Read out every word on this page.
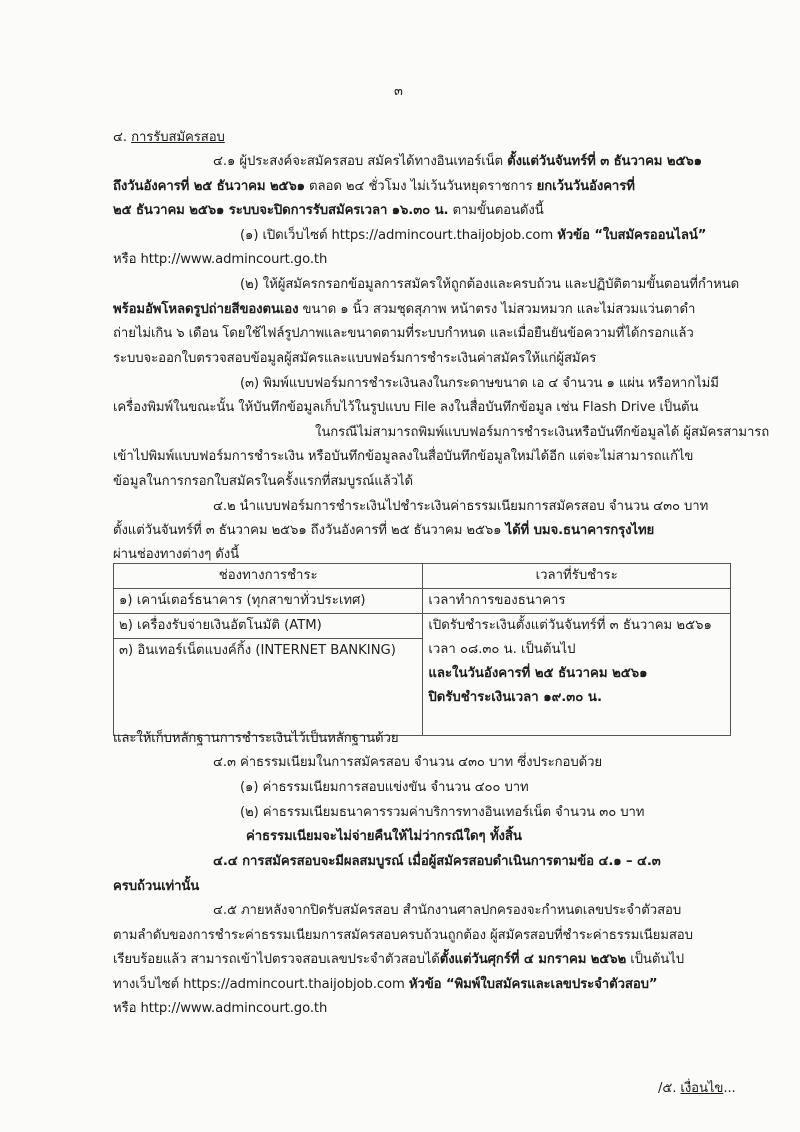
๓
๔. การรับสมัครสอบ
๔.๑ ผู้ประสงค์จะสมัครสอบ สมัครได้ทางอินเทอร์เน็ต ตั้งแต่วันจันทร์ที่ ๓ ธันวาคม ๒๕๖๑
ถึงวันอังคารที่ ๒๕ ธันวาคม ๒๕๖๑ ตลอด ๒๔ ชั่วโมง ไม่เว้นวันหยุดราชการ ยกเว้นวันอังคารที่
๒๕ ธันวาคม ๒๕๖๑ ระบบจะปิดการรับสมัครเวลา ๑๖.๓๐ น. ตามขั้นตอนดังนี้
(๑) เปิดเว็บไซต์ https://admincourt.thaijobjob.com หัวข้อ “ใบสมัครออนไลน์”
หรือ http://www.admincourt.go.th
(๒) ให้ผู้สมัครกรอกข้อมูลการสมัครให้ถูกต้องและครบถ้วน และปฏิบัติตามขั้นตอนที่กำหนด
พร้อมอัพโหลดรูปถ่ายสีของตนเอง ขนาด ๑ นิ้ว สวมชุดสุภาพ หน้าตรง ไม่สวมหมวก และไม่สวมแว่นตาดำ
ถ่ายไม่เกิน ๖ เดือน โดยใช้ไฟล์รูปภาพและขนาดตามที่ระบบกำหนด และเมื่อยืนยันข้อความที่ได้กรอกแล้ว
ระบบจะออกใบตรวจสอบข้อมูลผู้สมัครและแบบฟอร์มการชำระเงินค่าสมัครให้แก่ผู้สมัคร
(๓) พิมพ์แบบฟอร์มการชำระเงินลงในกระดาษขนาด เอ ๔ จำนวน ๑ แผ่น หรือหากไม่มี
เครื่องพิมพ์ในขณะนั้น ให้บันทึกข้อมูลเก็บไว้ในรูปแบบ File ลงในสื่อบันทึกข้อมูล เช่น Flash Drive เป็นต้น
ในกรณีไม่สามารถพิมพ์แบบฟอร์มการชำระเงินหรือบันทึกข้อมูลได้ ผู้สมัครสามารถ
เข้าไปพิมพ์แบบฟอร์มการชำระเงิน หรือบันทึกข้อมูลลงในสื่อบันทึกข้อมูลใหม่ได้อีก แต่จะไม่สามารถแก้ไข
ข้อมูลในการกรอกใบสมัครในครั้งแรกที่สมบูรณ์แล้วได้
๔.๒ นำแบบฟอร์มการชำระเงินไปชำระเงินค่าธรรมเนียมการสมัครสอบ จำนวน ๔๓๐ บาท
ตั้งแต่วันจันทร์ที่ ๓ ธันวาคม ๒๕๖๑ ถึงวันอังคารที่ ๒๕ ธันวาคม ๒๕๖๑ ได้ที่ บมจ.ธนาคารกรุงไทย
ผ่านช่องทางต่างๆ ดังนี้
ช่องทางการชำระ	เวลาที่รับชำระ
๑) เคาน์เตอร์ธนาคาร (ทุกสาขาทั่วประเทศ)	เวลาทำการของธนาคาร
๒) เครื่องรับจ่ายเงินอัตโนมัติ (ATM)	เปิดรับชำระเงินตั้งแต่วันจันทร์ที่ ๓ ธันวาคม ๒๕๖๑
เวลา ๐๘.๓๐ น. เป็นต้นไป
และในวันอังคารที่ ๒๕ ธันวาคม ๒๕๖๑
ปิดรับชำระเงินเวลา ๑๙.๓๐ น.

๓) อินเทอร์เน็ตแบงค์กิ้ง (INTERNET BANKING)	
และให้เก็บหลักฐานการชำระเงินไว้เป็นหลักฐานด้วย
๔.๓ ค่าธรรมเนียมในการสมัครสอบ จำนวน ๔๓๐ บาท ซึ่งประกอบด้วย
(๑) ค่าธรรมเนียมการสอบแข่งขัน จำนวน ๔๐๐ บาท
(๒) ค่าธรรมเนียมธนาคารรวมค่าบริการทางอินเทอร์เน็ต จำนวน ๓๐ บาท
ค่าธรรมเนียมจะไม่จ่ายคืนให้ไม่ว่ากรณีใดๆ ทั้งสิ้น
๔.๔ การสมัครสอบจะมีผลสมบูรณ์ เมื่อผู้สมัครสอบดำเนินการตามข้อ ๔.๑ – ๔.๓
ครบถ้วนเท่านั้น
๔.๕ ภายหลังจากปิดรับสมัครสอบ สำนักงานศาลปกครองจะกำหนดเลขประจำตัวสอบ
ตามลำดับของการชำระค่าธรรมเนียมการสมัครสอบครบถ้วนถูกต้อง ผู้สมัครสอบที่ชำระค่าธรรมเนียมสอบ
เรียบร้อยแล้ว สามารถเข้าไปตรวจสอบเลขประจำตัวสอบได้ตั้งแต่วันศุกร์ที่ ๔ มกราคม ๒๕๖๒ เป็นต้นไป
ทางเว็บไซต์ https://admincourt.thaijobjob.com หัวข้อ “พิมพ์ใบสมัครและเลขประจำตัวสอบ”
หรือ http://www.admincourt.go.th
/๕. เงื่อนไข...
